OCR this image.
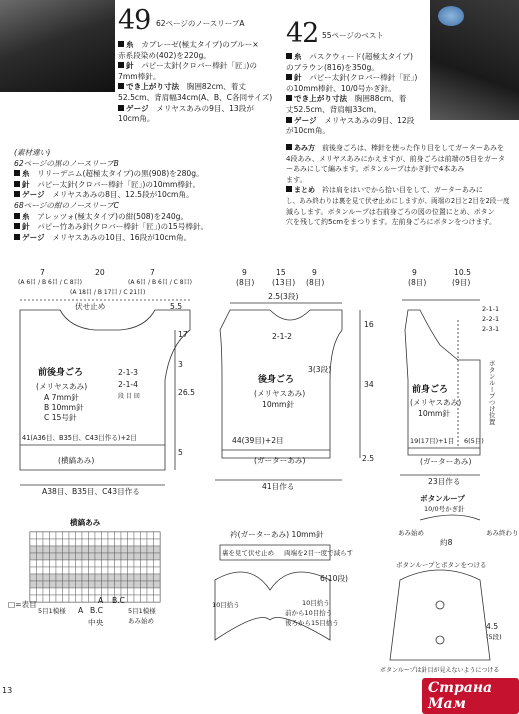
49 62ページのノースリーブA
糸　 カブレーゼ(極太タイプ)のブルー×
赤系段染め(402)を220g。
針　 パピー太針(クロバー棒針「匠」)の
7mm棒針。
でき上がり寸法　 胸囲82cm、着丈
52.5cm、背肩幅34cm(A、B、C各同サイズ)
ゲージ　 メリヤスあみの9目、13段が
10cm角。
42 55ページのベスト
糸　 パスクウィード(超極太タイプ)
のブラウン(816)を350g。
針　 パピー太針(クロバー棒針「匠」)
の10mm棒針、10/0号かぎ針。
でき上がり寸法　 胸囲88cm、着
丈52.5cm、背肩幅33cm。
ゲージ　 メリヤスあみの9目、12段
が10cm角。
あみ方　 前後身ごろは、棒針を使った作り目をしてガーターあみを
4段あみ、メリヤスあみにかえますが、前身ごろは前端の5目をガータ
ーあみにして編みます。ボタンループはかぎ針で4本あみ
ます。
まとめ　 衿は肩をはいでから拾い目をして、ガーターあみに
し、あみ終わりは裏を見て伏せ止めにしますが、両端の2目と2目を2段一度
減らします。ボタンループは右前身ごろの図の位置にとめ、ボタン
穴を残して約5cmをまつります。左前身ごろにボタンをつけます。
(素材違い)
62ページの黒のノースリーブB
糸　 リリーデニム(超極太タイプ)の黒(908)を280g。
針　 パピー太針(クロバー棒針「匠」)の10mm棒針。
ゲージ　 メリヤスあみの8目、12.5段が10cm角。
68ページの紺のノースリーブC
糸　 アレッツォ(極太タイプ)の紺(508)を240g。
針　 パピー竹あみ針(クロバー棒針「匠」)の15号棒針。
ゲージ　 メリヤスあみの10目、16段が10cm角。
7	20	7
(A 6目 / B 6目 / C 8目)
(A 18目 / B 17目 / C 21目)
(A 6目 / B 6目 / C 8目)
伏せ止め	5.5
17
3
26.5
5
前後身ごろ
(メリヤスあみ)
A 7mm針
B 10mm針
C 15号針
2-1-3
2-1-4
段 目 回
41(A36目、B35目、C43目作る)+2目
(横縞あみ)
A38目、B35目、C43目作る
9	15	9
(8目) (13目) (8目)
2.5(3段)
2-1-2
3(3段)
後身ごろ
(メリヤスあみ)
10mm針
16
34
2.5
44(39目)+2目
(ガーターあみ)
41目作る
9	10.5
(8目)	(9目)
2-1-1
2-2-1
2-3-1
前身ごろ
(メリヤスあみ)
10mm針	ボタンループつけ位置
19(17目)+1目 6(5目)
(ガーターあみ)
23目作る
横縞あみ
□=表目
A B.C
A B.C
5目1模様
あみ始め
中央
5目1模様
衿(ガーターあみ) 10mm針
裏を見て伏せ止め 両端を2目一度で減らす
6(10段)
10目拾う
前から10目拾う
後ろから15目拾う
10目拾う
ボタンループ
10/0号かぎ針
約8
あみ始め	あみ終わり
ボタンループとボタンをつける
4.5
(5段)
ボタンループは針目が見えないようにつける
13	Страна Мам
